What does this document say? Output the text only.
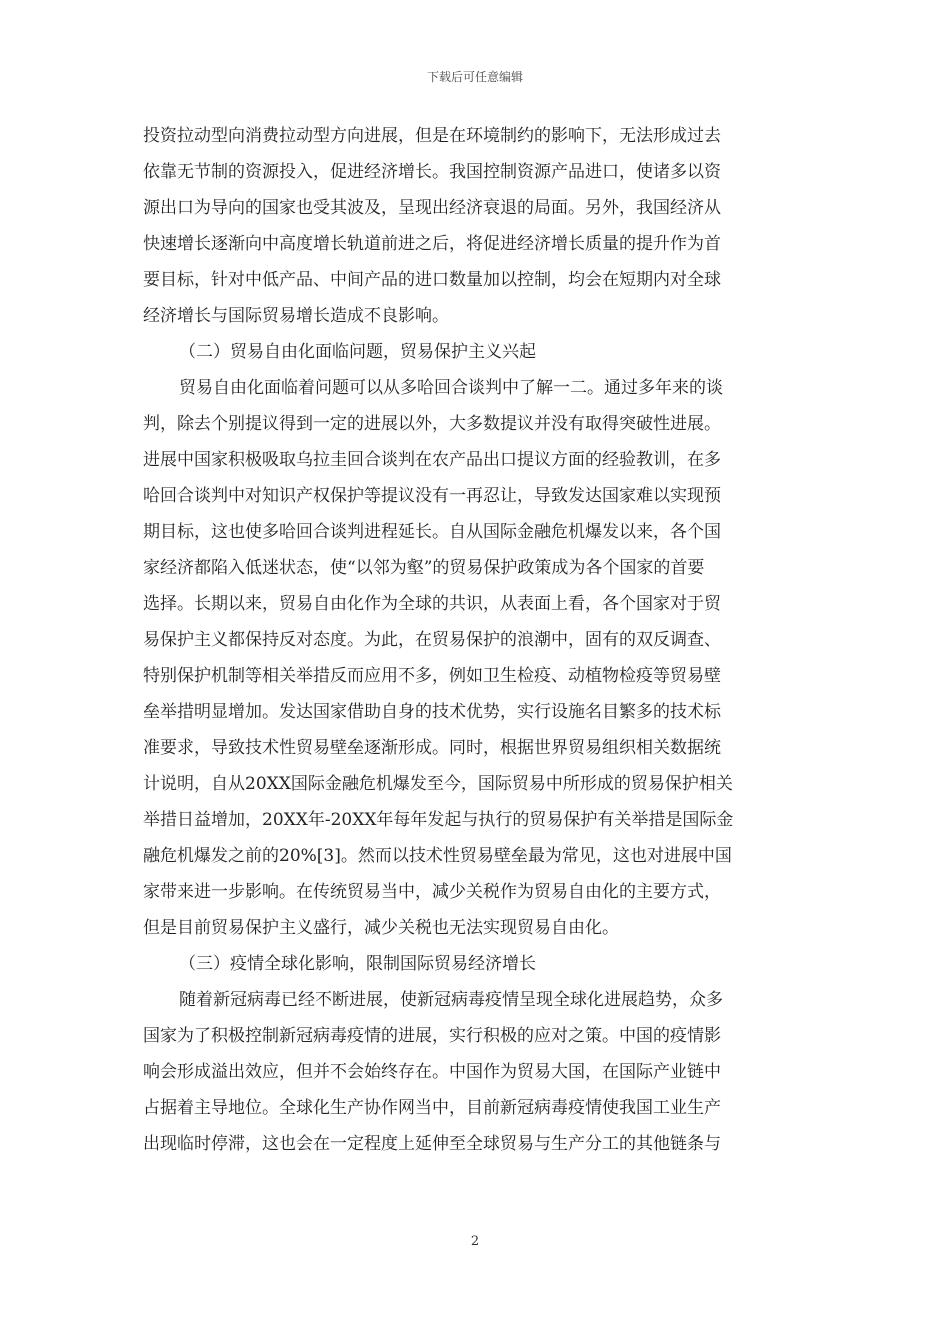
下载后可任意编辑
投资拉动型向消费拉动型方向进展，但是在环境制约的影响下，无法形成过去
依靠无节制的资源投入，促进经济增长。我国控制资源产品进口，使诸多以资
源出口为导向的国家也受其波及，呈现出经济衰退的局面。另外，我国经济从
快速增长逐渐向中高度增长轨道前进之后，将促进经济增长质量的提升作为首
要目标，针对中低产品、中间产品的进口数量加以控制，均会在短期内对全球
经济增长与国际贸易增长造成不良影响。
（二）贸易自由化面临问题，贸易保护主义兴起
贸易自由化面临着问题可以从多哈回合谈判中了解一二。通过多年来的谈
判，除去个别提议得到一定的进展以外，大多数提议并没有取得突破性进展。
进展中国家积极吸取乌拉圭回合谈判在农产品出口提议方面的经验教训，在多
哈回合谈判中对知识产权保护等提议没有一再忍让，导致发达国家难以实现预
期目标，这也使多哈回合谈判进程延长。自从国际金融危机爆发以来，各个国
家经济都陷入低迷状态，使“以邻为壑”的贸易保护政策成为各个国家的首要
选择。长期以来，贸易自由化作为全球的共识，从表面上看，各个国家对于贸
易保护主义都保持反对态度。为此，在贸易保护的浪潮中，固有的双反调查、
特别保护机制等相关举措反而应用不多，例如卫生检疫、动植物检疫等贸易壁
垒举措明显增加。发达国家借助自身的技术优势，实行设施名目繁多的技术标
准要求，导致技术性贸易壁垒逐渐形成。同时，根据世界贸易组织相关数据统
计说明，自从20XX国际金融危机爆发至今，国际贸易中所形成的贸易保护相关
举措日益增加，20XX年-20XX年每年发起与执行的贸易保护有关举措是国际金
融危机爆发之前的20%[3]。然而以技术性贸易壁垒最为常见，这也对进展中国
家带来进一步影响。在传统贸易当中，减少关税作为贸易自由化的主要方式，
但是目前贸易保护主义盛行，减少关税也无法实现贸易自由化。
（三）疫情全球化影响，限制国际贸易经济增长
随着新冠病毒已经不断进展，使新冠病毒疫情呈现全球化进展趋势，众多
国家为了积极控制新冠病毒疫情的进展，实行积极的应对之策。中国的疫情影
响会形成溢出效应，但并不会始终存在。中国作为贸易大国，在国际产业链中
占据着主导地位。全球化生产协作网当中，目前新冠病毒疫情使我国工业生产
出现临时停滞，这也会在一定程度上延伸至全球贸易与生产分工的其他链条与
2
